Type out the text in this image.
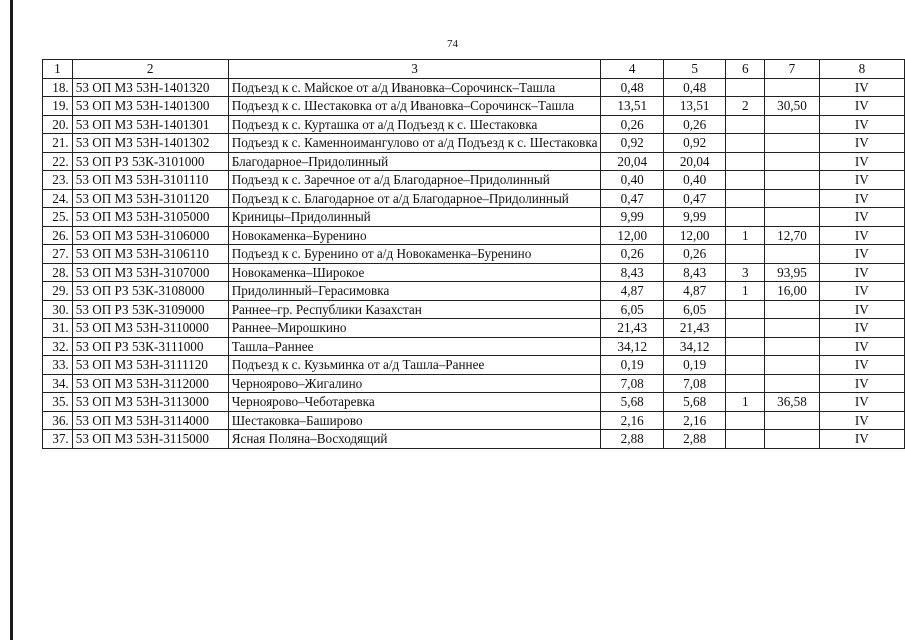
74
1	2	3	4	5	6	7	8
18.	53 ОП МЗ 53Н-1401320	Подъезд к с. Майское от а/д Ивановка–Сорочинск–Ташла	0,48	0,48			IV
19.	53 ОП МЗ 53Н-1401300	Подъезд к с. Шестаковка от а/д Ивановка–Сорочинск–Ташла	13,51	13,51	2	30,50	IV
20.	53 ОП МЗ 53Н-1401301	Подъезд к с. Курташка от а/д Подъезд к с. Шестаковка	0,26	0,26			IV
21.	53 ОП МЗ 53Н-1401302	Подъезд к с. Каменноимангулово от а/д Подъезд к с. Шестаковка	0,92	0,92			IV
22.	53 ОП РЗ 53К-3101000	Благодарное–Придолинный	20,04	20,04			IV
23.	53 ОП МЗ 53Н-3101110	Подъезд к с. Заречное от а/д Благодарное–Придолинный	0,40	0,40			IV
24.	53 ОП МЗ 53Н-3101120	Подъезд к с. Благодарное от а/д Благодарное–Придолинный	0,47	0,47			IV
25.	53 ОП МЗ 53Н-3105000	Криницы–Придолинный	9,99	9,99			IV
26.	53 ОП МЗ 53Н-3106000	Новокаменка–Буренино	12,00	12,00	1	12,70	IV
27.	53 ОП МЗ 53Н-3106110	Подъезд к с. Буренино от а/д Новокаменка–Буренино	0,26	0,26			IV
28.	53 ОП МЗ 53Н-3107000	Новокаменка–Широкое	8,43	8,43	3	93,95	IV
29.	53 ОП РЗ 53К-3108000	Придолинный–Герасимовка	4,87	4,87	1	16,00	IV
30.	53 ОП РЗ 53К-3109000	Раннее–гр. Республики Казахстан	6,05	6,05			IV
31.	53 ОП МЗ 53Н-3110000	Раннее–Мирошкино	21,43	21,43			IV
32.	53 ОП РЗ 53К-3111000	Ташла–Раннее	34,12	34,12			IV
33.	53 ОП МЗ 53Н-3111120	Подъезд к с. Кузьминка от а/д Ташла–Раннее	0,19	0,19			IV
34.	53 ОП МЗ 53Н-3112000	Черноярово–Жигалино	7,08	7,08			IV
35.	53 ОП МЗ 53Н-3113000	Черноярово–Чеботаревка	5,68	5,68	1	36,58	IV
36.	53 ОП МЗ 53Н-3114000	Шестаковка–Баширово	2,16	2,16			IV
37.	53 ОП МЗ 53Н-3115000	Ясная Поляна–Восходящий	2,88	2,88			IV
